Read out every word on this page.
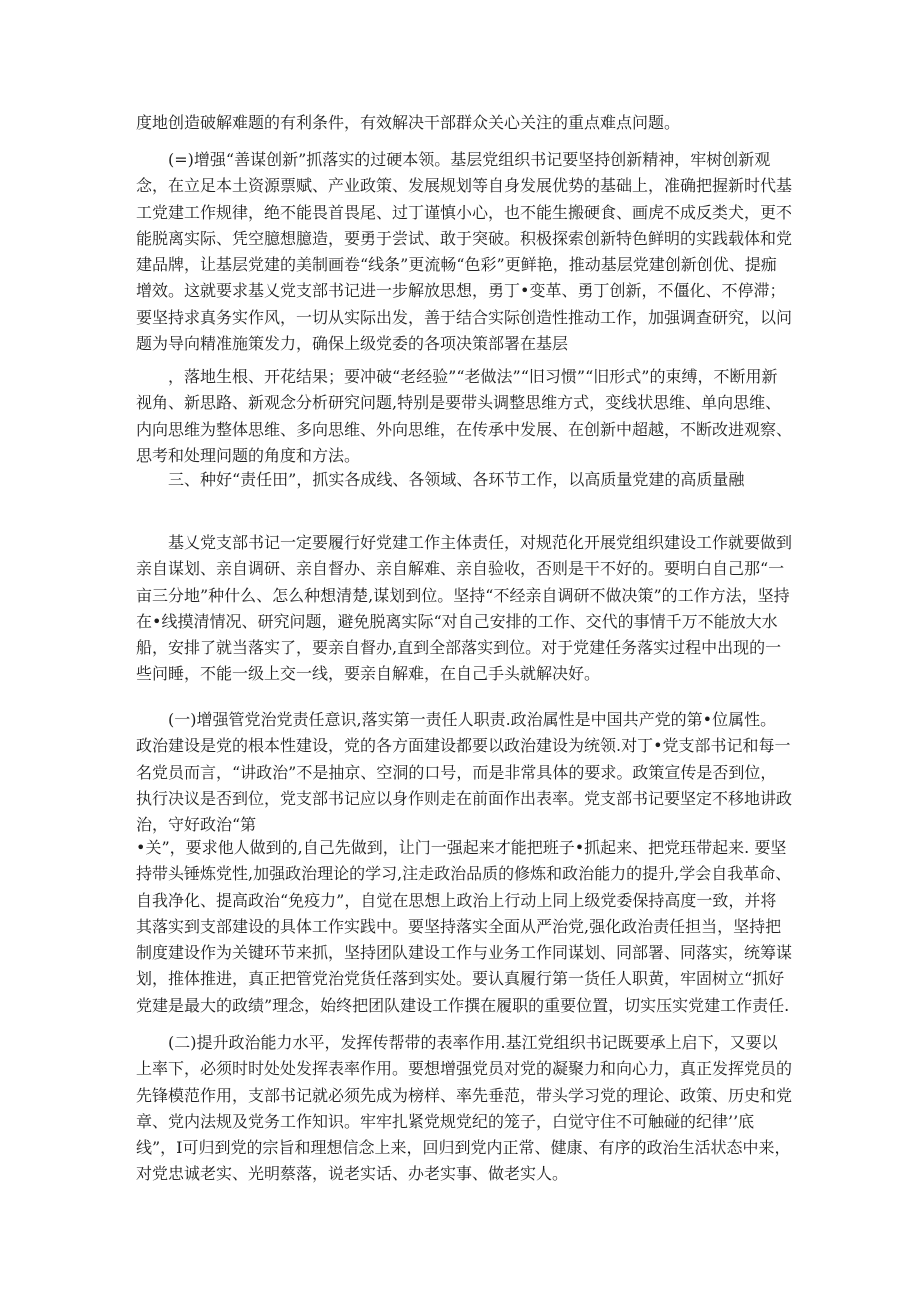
度地创造破解难题的有利条件，有效解决干部群众关心关注的重点难点问题。

(=)增强“善谋创新”抓落实的过硬本领。基层党组织书记要坚持创新精神，牢树创新观念，在立足本土资源票赋、产业政策、发展规划等自身发展优势的基础上，准确把握新时代基工党建工作规律，绝不能畏首畏尾、过丁谨慎小心，也不能生搬硬食、画虎不成反类犬，更不能脱离实际、凭空臆想臆造，要勇于尝试、敢于突破。积极探索创新特色鲜明的实践载体和党建品牌，让基层党建的美制画卷“线条”更流畅“色彩”更鲜艳，推动基层党建创新创优、提痂增效。这就要求基乂党支部书记进一步解放思想，勇丁•变革、勇丁创新，不僵化、不停滞；要坚持求真务实作风，一切从实际出发，善于结合实际创造性推动工作，加强调查研究，以问题为导向精准施策发力，确保上级党委的各项决策部署在基层

，落地生根、开花结果；要冲破“老经验”“老做法”“旧习惯”“旧形式”的束缚，不断用新视角、新思路、新观念分析研究问题,特别是要带头调整思维方式，变线状思维、单向思维、内向思维为整体思维、多向思维、外向思维，在传承中发展、在创新中超越，不断改进观察、思考和处理问题的角度和方法。

三、种好“责任田”，抓实各成线、各领域、各环节工作，以高质量党建的高质量融

基乂党支部书记一定要履行好党建工作主体责任，对规范化开展党组织建设工作就要做到亲自谋划、亲自调研、亲自督办、亲自解难、亲自验收，否则是干不好的。要明白自己那“一亩三分地”种什么、怎么种想清楚,谋划到位。坚持“不经亲自调研不做决策”的工作方法，坚持在•线摸清情况、研究问题，避免脱离实际“对自己安排的工作、交代的事情千万不能放大水船，安排了就当落实了，要亲自督办,直到全部落实到位。对于党建任务落实过程中出现的一些问睡，不能一级上交一线，要亲自解难，在自己手头就解决好。

(一)增强管党治党责任意识,落实第一责任人职责.政治属性是中国共产党的第•位属性。政治建设是党的根本性建设，党的各方面建设都要以政治建设为统领.对丁•党支部书记和每一名党员而言，“讲政治”不是抽京、空洞的口号，而是非常具体的要求。政策宣传是否到位，执行决议是否到位，党支部书记应以身作则走在前面作出表率。党支部书记要坚定不移地讲政治，守好政治“第

•关”，要求他人做到的,自己先做到，让门一强起来才能把班子•抓起来、把党珏带起来. 要坚持带头锤炼党性,加强政治理论的学习,注走政治品质的修炼和政治能力的提升,学会自我革命、自我净化、提高政治“免疫力”，自觉在思想上政治上行动上同上级党委保持高度一致，并将其落实到支部建设的具体工作实践中。要坚持落实全面从严治党,强化政治责任担当，坚持把制度建设作为关键环节来抓，坚持团队建设工作与业务工作同谋划、同部署、同落实，统筹谋划，推体推进，真正把管党治党货任落到实处。要认真履行第一货任人职黄，牢固树立“抓好党建是最大的政绩”理念，始终把团队建设工作撰在履职的重要位置，切实压实党建工作责任.

(二)提升政治能力水平，发挥传帮带的表率作用.基江党组织书记既要承上启下，又要以上率下，必须时时处处发挥表率作用。要想增强党员对党的凝聚力和向心力，真正发挥党员的先锋模范作用，支部书记就必须先成为榜样、率先垂范，带头学习党的理论、政策、历史和党章、党内法规及党务工作知识。牢牢扎紧党规党纪的笼子，白觉守住不可触碰的纪律’’底线”，I可归到党的宗旨和理想信念上来，回归到党内正常、健康、有序的政治生活状态中来，对党忠诚老实、光明蔡落，说老实话、办老实事、做老实人。
